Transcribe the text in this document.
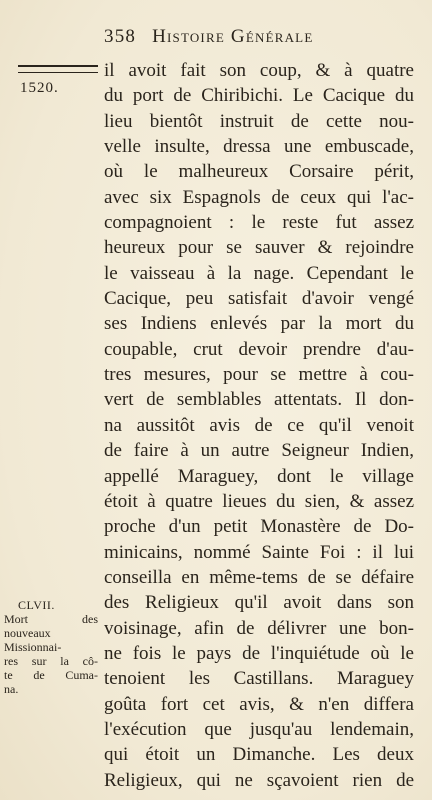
358 Histoire Générale
1520.
il avoit fait son coup, & à quatre
du port de Chiribichi. Le Cacique du
lieu bientôt instruit de cette nou-
velle insulte, dressa une embuscade,
où le malheureux Corsaire périt,
avec six Espagnols de ceux qui l'ac-
compagnoient : le reste fut assez
heureux pour se sauver & rejoindre
le vaisseau à la nage. Cependant le
Cacique, peu satisfait d'avoir vengé
ses Indiens enlevés par la mort du
coupable, crut devoir prendre d'au-
tres mesures, pour se mettre à cou-
vert de semblables attentats. Il don-
na aussitôt avis de ce qu'il venoit
de faire à un autre Seigneur Indien,
appellé Maraguey, dont le village
étoit à quatre lieues du sien, & assez
proche d'un petit Monastère de Do-
minicains, nommé Sainte Foi : il lui
conseilla en même-tems de se défaire
des Religieux qu'il avoit dans son
voisinage, afin de délivrer une bon-
ne fois le pays de l'inquiétude où le
tenoient les Castillans. Maraguey
goûta fort cet avis, & n'en differa
l'exécution que jusqu'au lendemain,
qui étoit un Dimanche. Les deux
Religieux, qui ne sçavoient rien de
CLVII.
Mort des
nouveaux
Missionnai-
res sur la cô-
te de Cuma-
na.
